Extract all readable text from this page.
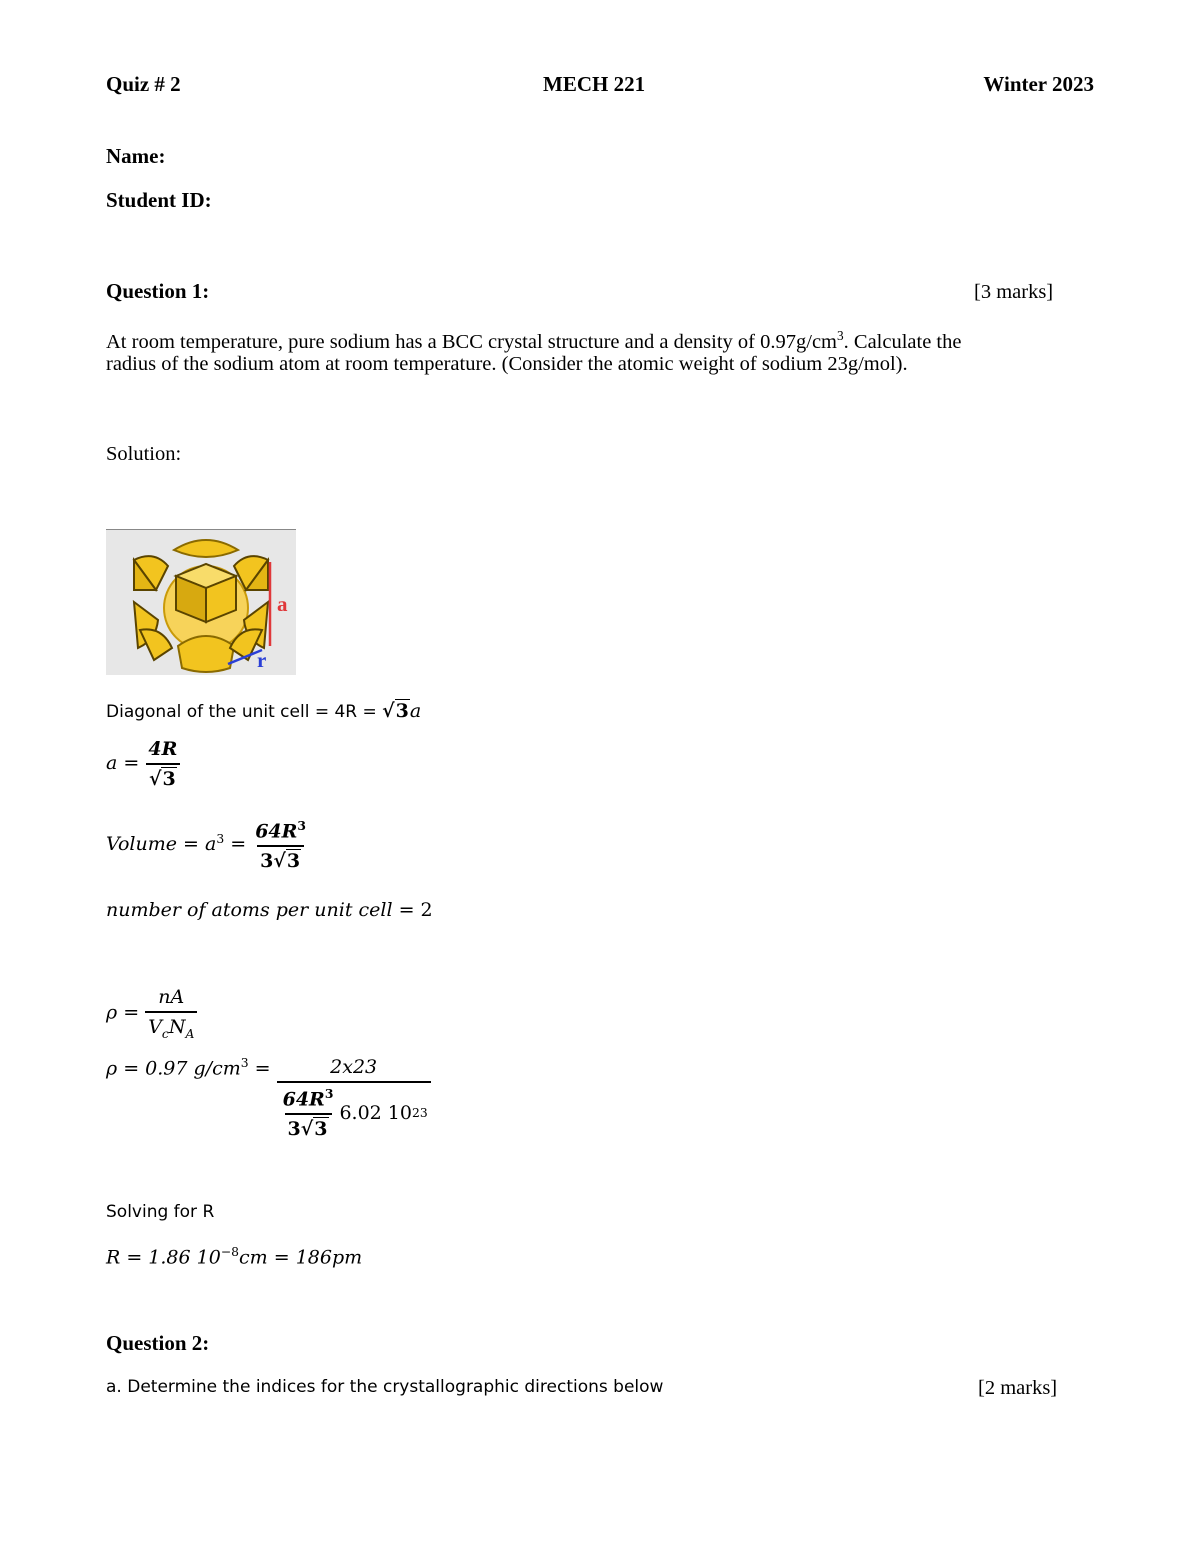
Quiz # 2	MECH 221	Winter 2023
Name:
Student ID:
Question 1:	[3 marks]
At room temperature, pure sodium has a BCC crystal structure and a density of $0.97g/cm^3$. Calculate the
radius of the sodium atom at room temperature. (Consider the atomic weight of sodium 23g/mol).
Solution:
a
r
Diagonal of the unit cell = 4R = √3a
$a = \frac{4R}{√3}$
Volume = $a^3 = \frac{64R^3}{3√3}$
number of atoms per unit cell = 2
$\rho = \frac{nA}{V_cN_A}$
ρ = 0.97 $g/cm^3 = \frac{2x23}{\frac{64R^3}{3√3} 6.02 10 23}$
Solving for R
R = 1.86 $10^{-8}cm = 186pm$
Question 2:
a. Determine the indices for the crystallographic directions below	[2 marks]
